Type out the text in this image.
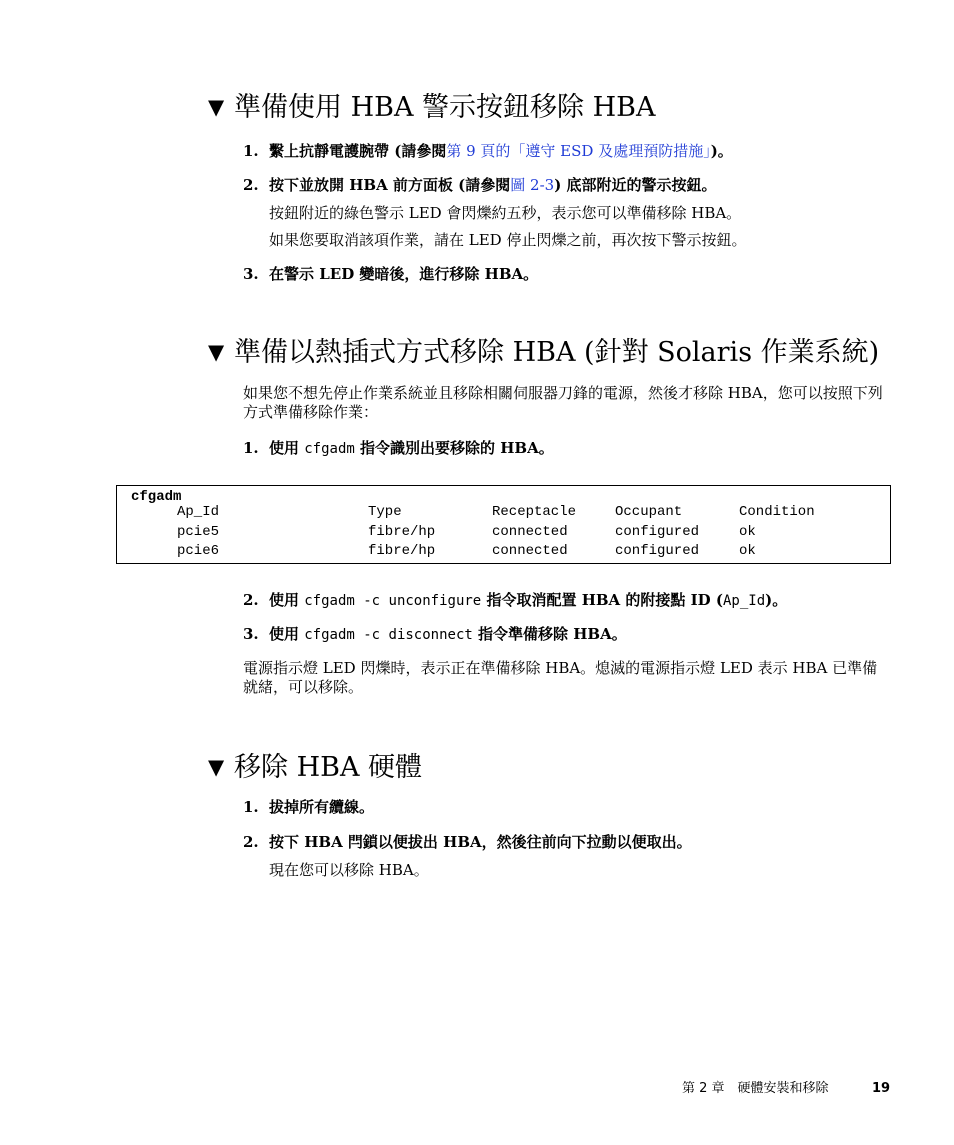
▼ 準備使用 HBA 警示按鈕移除 HBA
1. 繫上抗靜電護腕帶 (請參閱第 9 頁的「遵守 ESD 及處理預防措施」)。
2. 按下並放開 HBA 前方面板 (請參閱圖 2-3) 底部附近的警示按鈕。
按鈕附近的綠色警示 LED 會閃爍約五秒，表示您可以準備移除 HBA。
如果您要取消該項作業，請在 LED 停止閃爍之前，再次按下警示按鈕。
3. 在警示 LED 變暗後，進行移除 HBA。
▼ 準備以熱插式方式移除 HBA (針對 Solaris 作業系統)
如果您不想先停止作業系統並且移除相關伺服器刀鋒的電源，然後才移除 HBA，您可以按照下列方式準備移除作業：
1. 使用 cfgadm 指令識別出要移除的 HBA。
cfgadm
Ap_Id	Type	Receptacle	Occupant	Condition
pcie5	fibre/hp	connected	configured	ok
pcie6	fibre/hp	connected	configured	ok
2. 使用 cfgadm -c unconfigure 指令取消配置 HBA 的附接點 ID (Ap_Id)。
3. 使用 cfgadm -c disconnect 指令準備移除 HBA。
電源指示燈 LED 閃爍時，表示正在準備移除 HBA。熄滅的電源指示燈 LED 表示 HBA 已準備就緒，可以移除。
▼ 移除 HBA 硬體
1. 拔掉所有纜線。
2. 按下 HBA 閂鎖以便拔出 HBA，然後往前向下拉動以便取出。
現在您可以移除 HBA。
第 2 章　硬體安裝和移除	19
